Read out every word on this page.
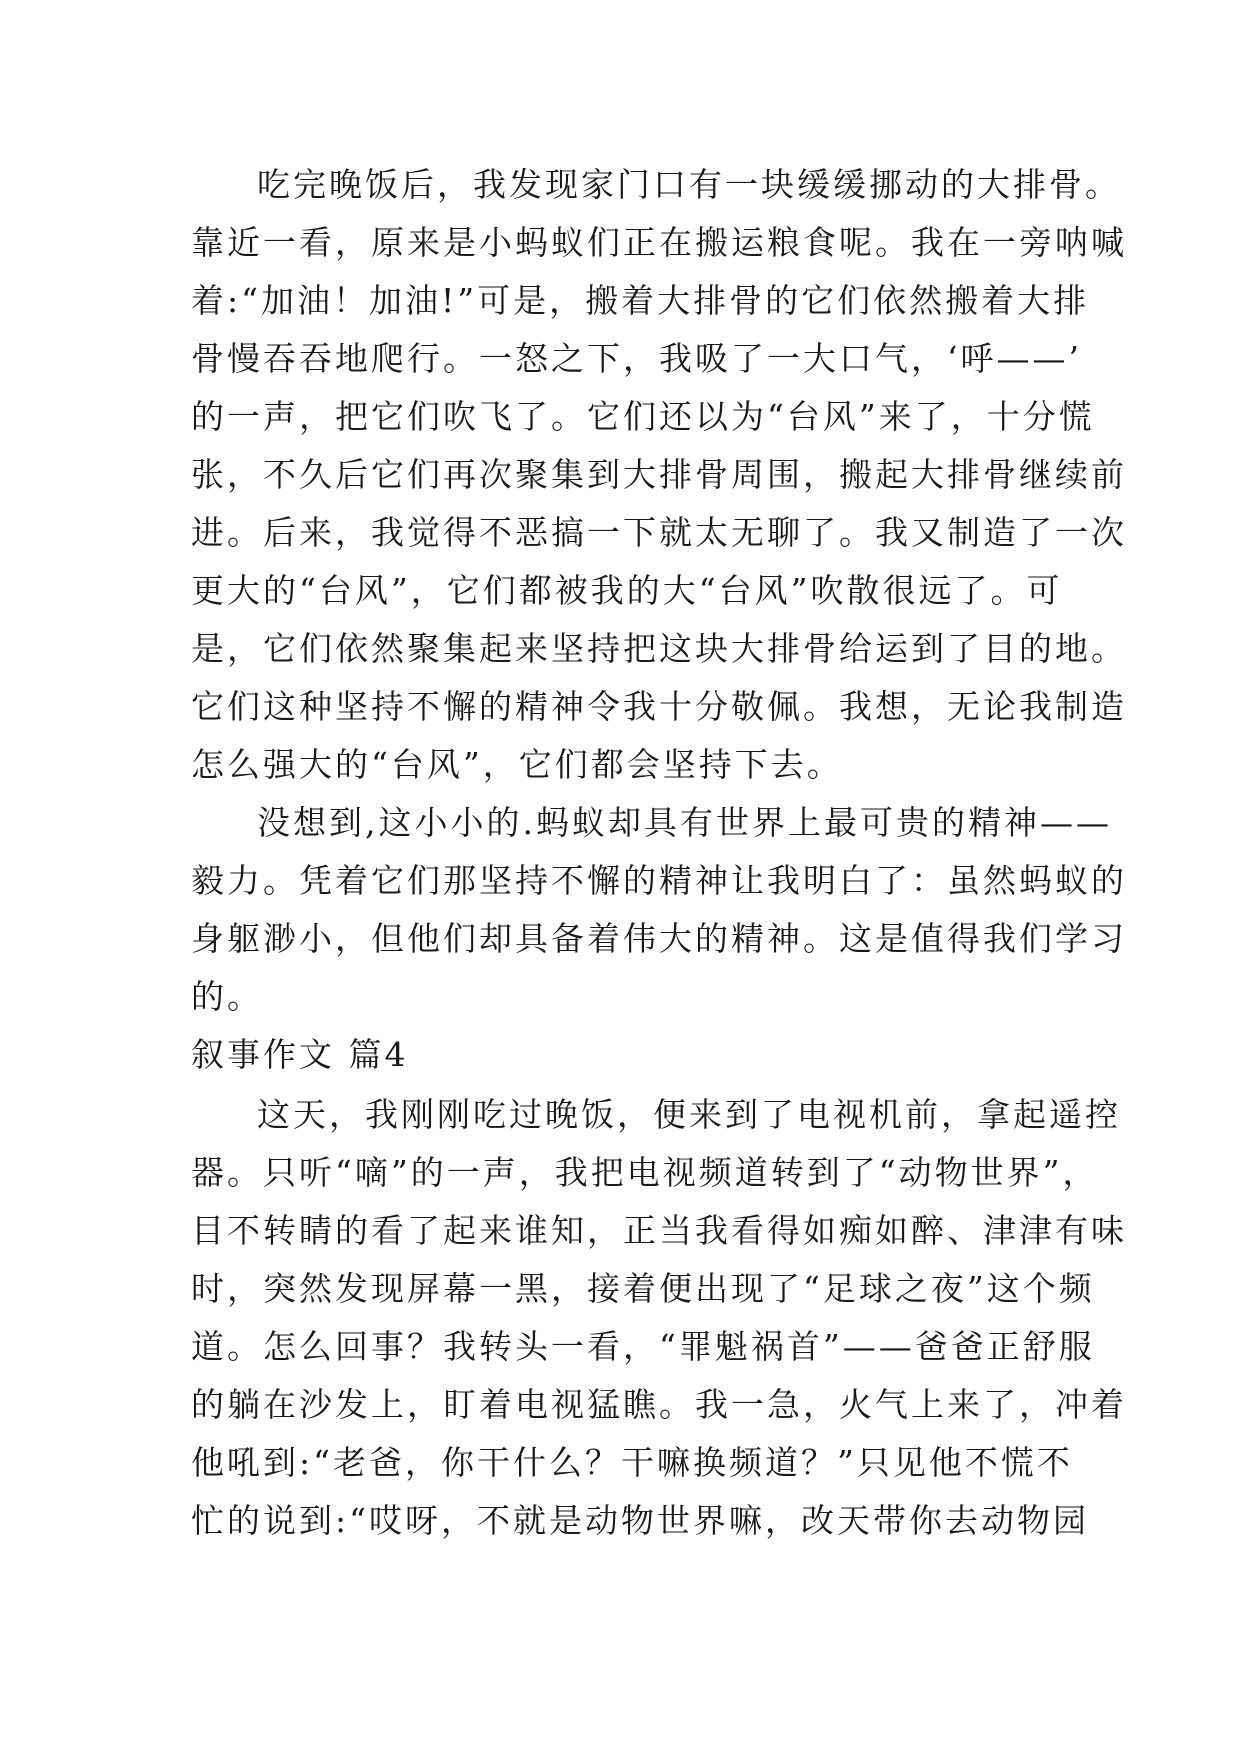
吃完晚饭后，我发现家门口有一块缓缓挪动的大排骨。
靠近一看，原来是小蚂蚁们正在搬运粮食呢。我在一旁呐喊
着:“加油！加油!”可是，搬着大排骨的它们依然搬着大排
骨慢吞吞地爬行。一怒之下，我吸了一大口气，‘呼——’
的一声，把它们吹飞了。它们还以为“台风”来了，十分慌
张，不久后它们再次聚集到大排骨周围，搬起大排骨继续前
进。后来，我觉得不恶搞一下就太无聊了。我又制造了一次
更大的“台风”，它们都被我的大“台风”吹散很远了。可
是，它们依然聚集起来坚持把这块大排骨给运到了目的地。
它们这种坚持不懈的精神令我十分敬佩。我想，无论我制造
怎么强大的“台风”，它们都会坚持下去。
没想到,这小小的.蚂蚁却具有世界上最可贵的精神——
毅力。凭着它们那坚持不懈的精神让我明白了：虽然蚂蚁的
身躯渺小，但他们却具备着伟大的精神。这是值得我们学习
的。
叙事作文 篇4
这天，我刚刚吃过晚饭，便来到了电视机前，拿起遥控
器。只听“嘀”的一声，我把电视频道转到了“动物世界”，
目不转睛的看了起来谁知，正当我看得如痴如醉、津津有味
时，突然发现屏幕一黑，接着便出现了“足球之夜”这个频
道。怎么回事？我转头一看，“罪魁祸首”——爸爸正舒服
的躺在沙发上，盯着电视猛瞧。我一急，火气上来了，冲着
他吼到:“老爸，你干什么？干嘛换频道？”只见他不慌不
忙的说到:“哎呀，不就是动物世界嘛，改天带你去动物园
